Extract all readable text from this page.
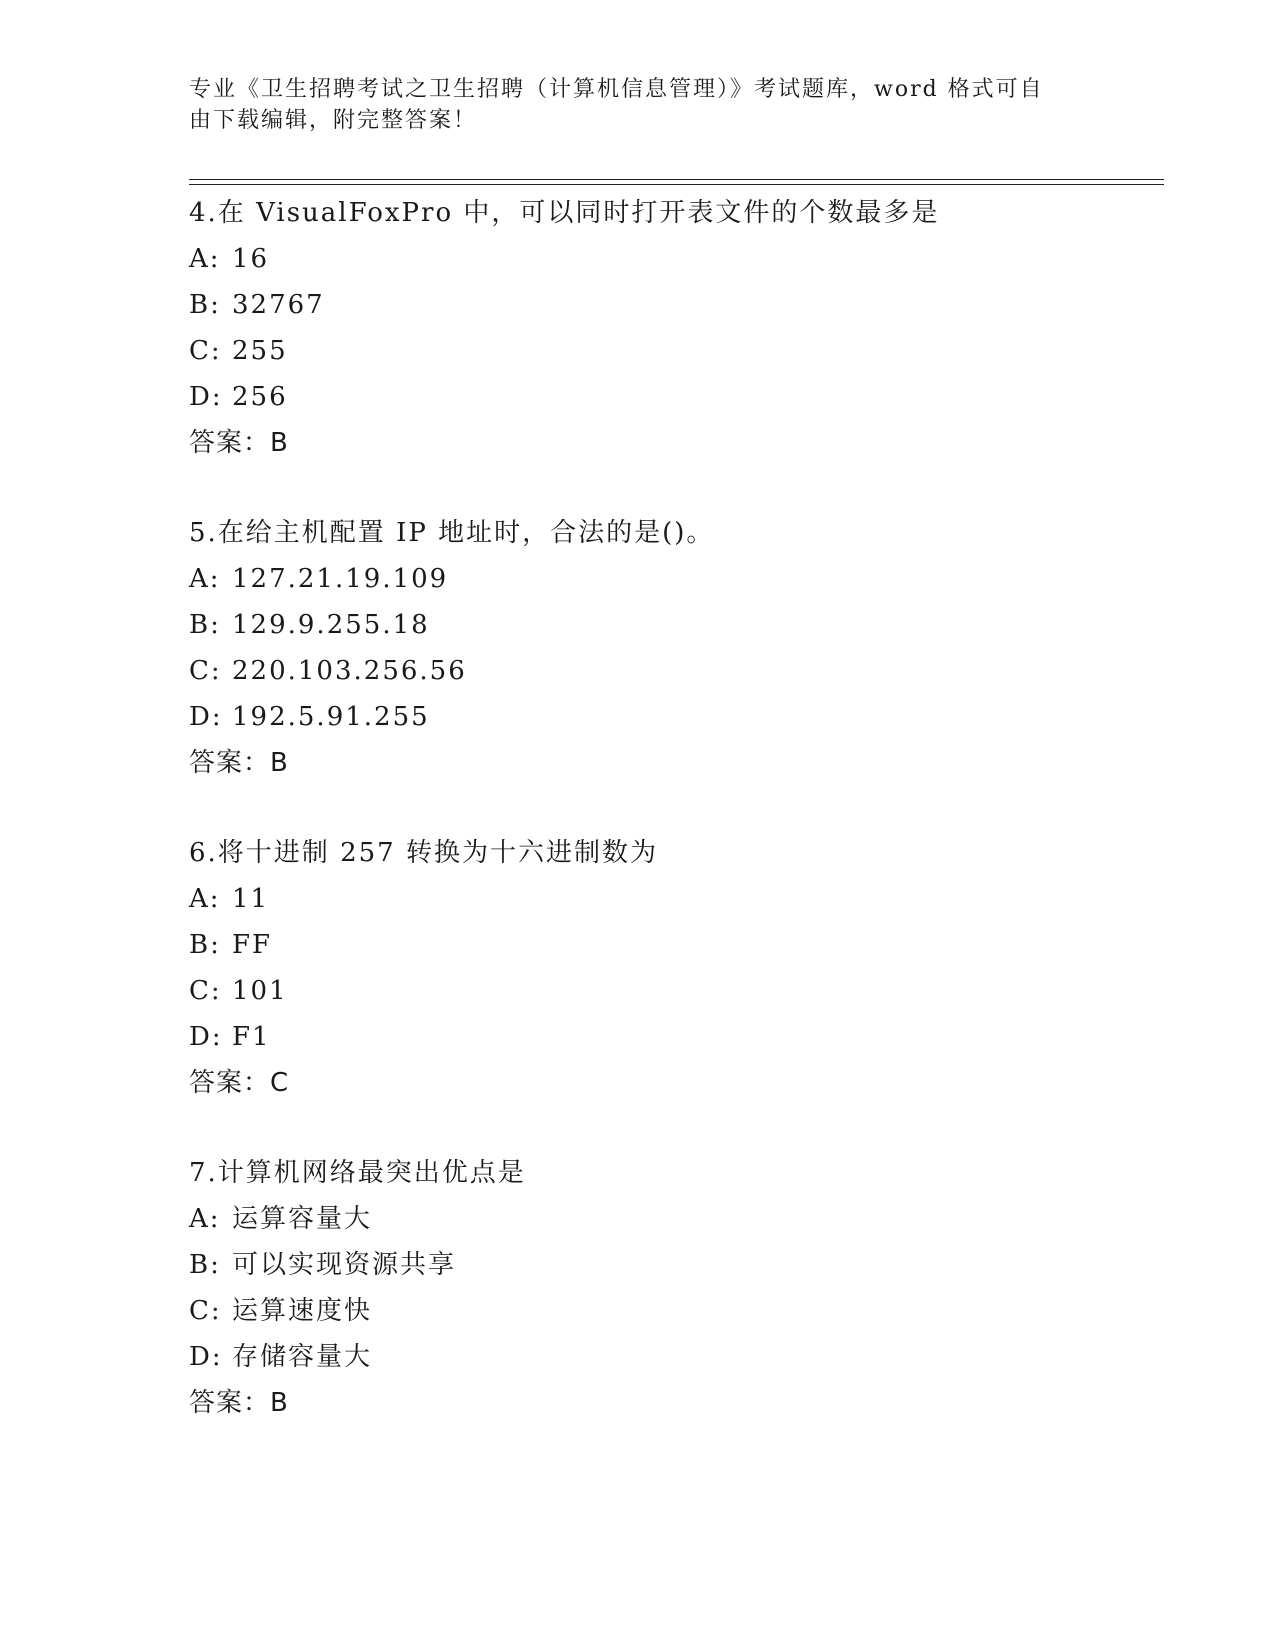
专业《卫生招聘考试之卫生招聘（计算机信息管理）》考试题库，word 格式可自
由下载编辑，附完整答案！
4.在 VisualFoxPro 中，可以同时打开表文件的个数最多是
A: 16
B: 32767
C: 255
D: 256
答案：B
5.在给主机配置 IP 地址时，合法的是()。
A: 127.21.19.109
B: 129.9.255.18
C: 220.103.256.56
D: 192.5.91.255
答案：B
6.将十进制 257 转换为十六进制数为
A: 11
B: FF
C: 101
D: F1
答案：C
7.计算机网络最突出优点是
A: 运算容量大
B: 可以实现资源共享
C: 运算速度快
D: 存储容量大
答案：B
